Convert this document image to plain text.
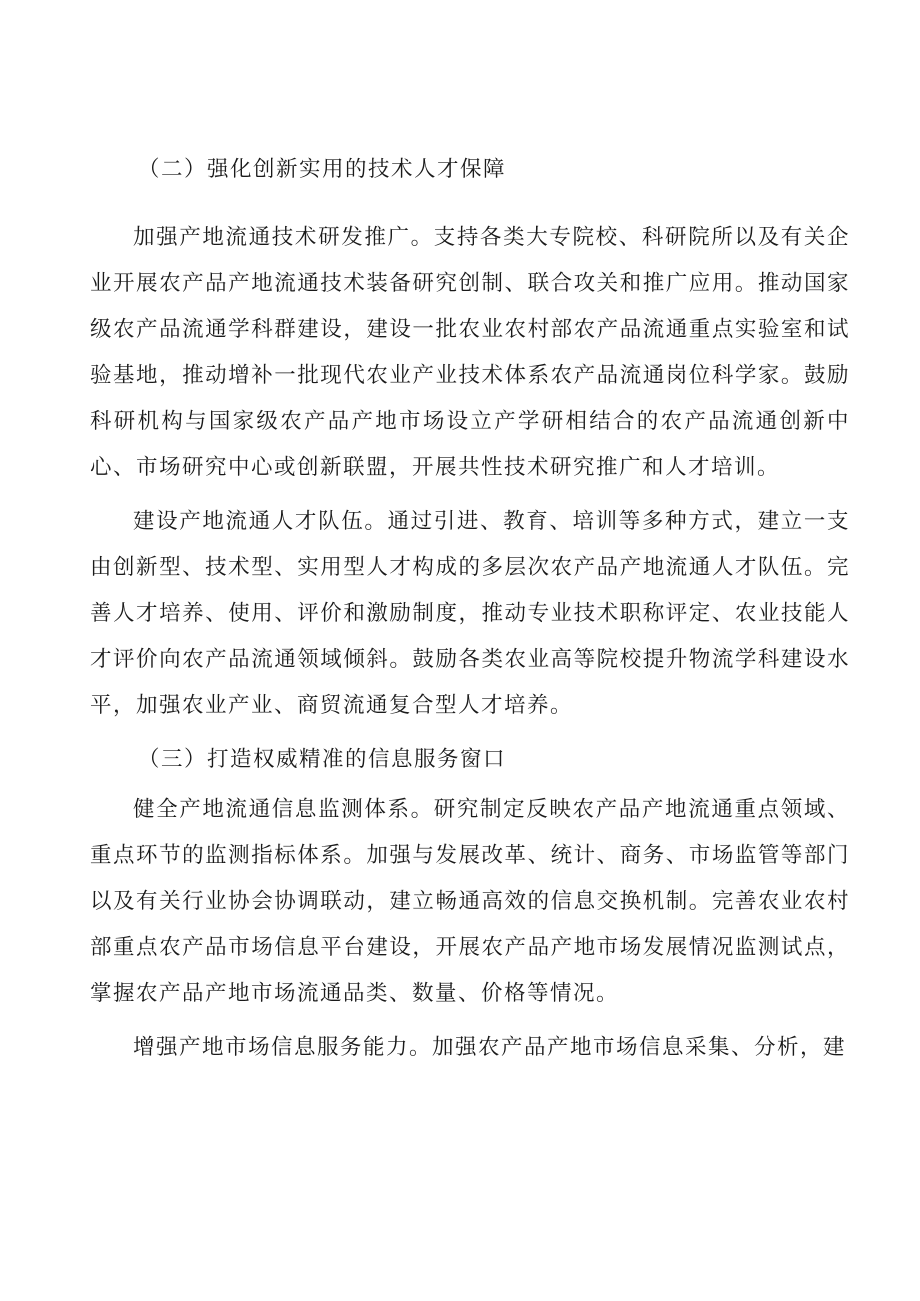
（二）强化创新实用的技术人才保障

加强产地流通技术研发推广。支持各类大专院校、科研院所以及有关企业开展农产品产地流通技术装备研究创制、联合攻关和推广应用。推动国家级农产品流通学科群建设，建设一批农业农村部农产品流通重点实验室和试验基地，推动增补一批现代农业产业技术体系农产品流通岗位科学家。鼓励科研机构与国家级农产品产地市场设立产学研相结合的农产品流通创新中心、市场研究中心或创新联盟，开展共性技术研究推广和人才培训。

建设产地流通人才队伍。通过引进、教育、培训等多种方式，建立一支由创新型、技术型、实用型人才构成的多层次农产品产地流通人才队伍。完善人才培养、使用、评价和激励制度，推动专业技术职称评定、农业技能人才评价向农产品流通领域倾斜。鼓励各类农业高等院校提升物流学科建设水平，加强农业产业、商贸流通复合型人才培养。

（三）打造权威精准的信息服务窗口

健全产地流通信息监测体系。研究制定反映农产品产地流通重点领域、重点环节的监测指标体系。加强与发展改革、统计、商务、市场监管等部门以及有关行业协会协调联动，建立畅通高效的信息交换机制。完善农业农村部重点农产品市场信息平台建设，开展农产品产地市场发展情况监测试点，掌握农产品产地市场流通品类、数量、价格等情况。

增强产地市场信息服务能力。加强农产品产地市场信息采集、分析，建
